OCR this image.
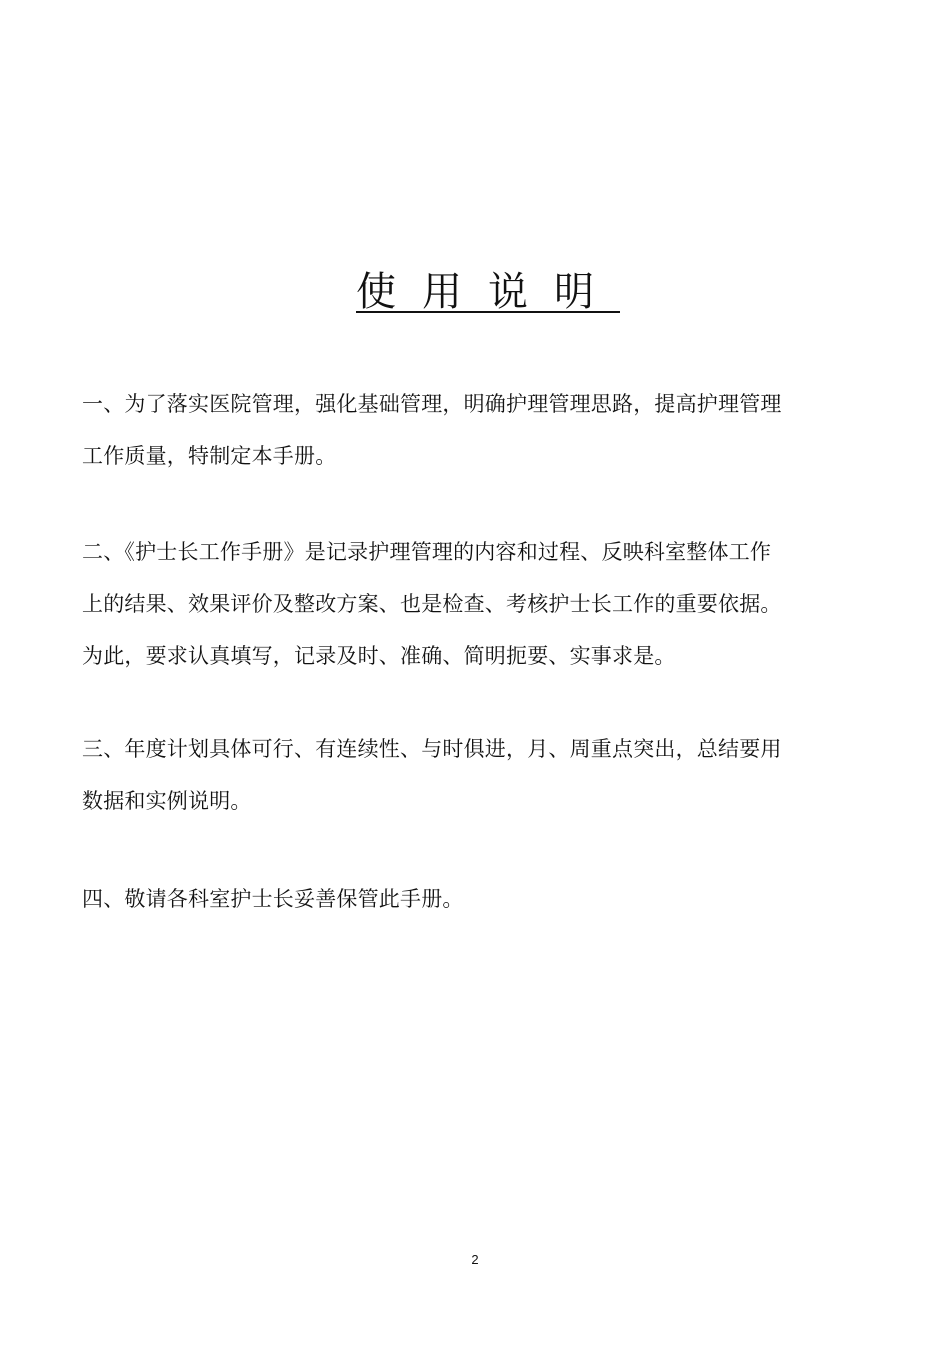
使用说明
一、为了落实医院管理，强化基础管理，明确护理管理思路，提高护理管理
工作质量，特制定本手册。
二、《护士长工作手册》是记录护理管理的内容和过程、反映科室整体工作
上的结果、效果评价及整改方案、也是检查、考核护士长工作的重要依据。
为此，要求认真填写，记录及时、准确、简明扼要、实事求是。
三、年度计划具体可行、有连续性、与时俱进，月、周重点突出，总结要用
数据和实例说明。
四、敬请各科室护士长妥善保管此手册。
2
